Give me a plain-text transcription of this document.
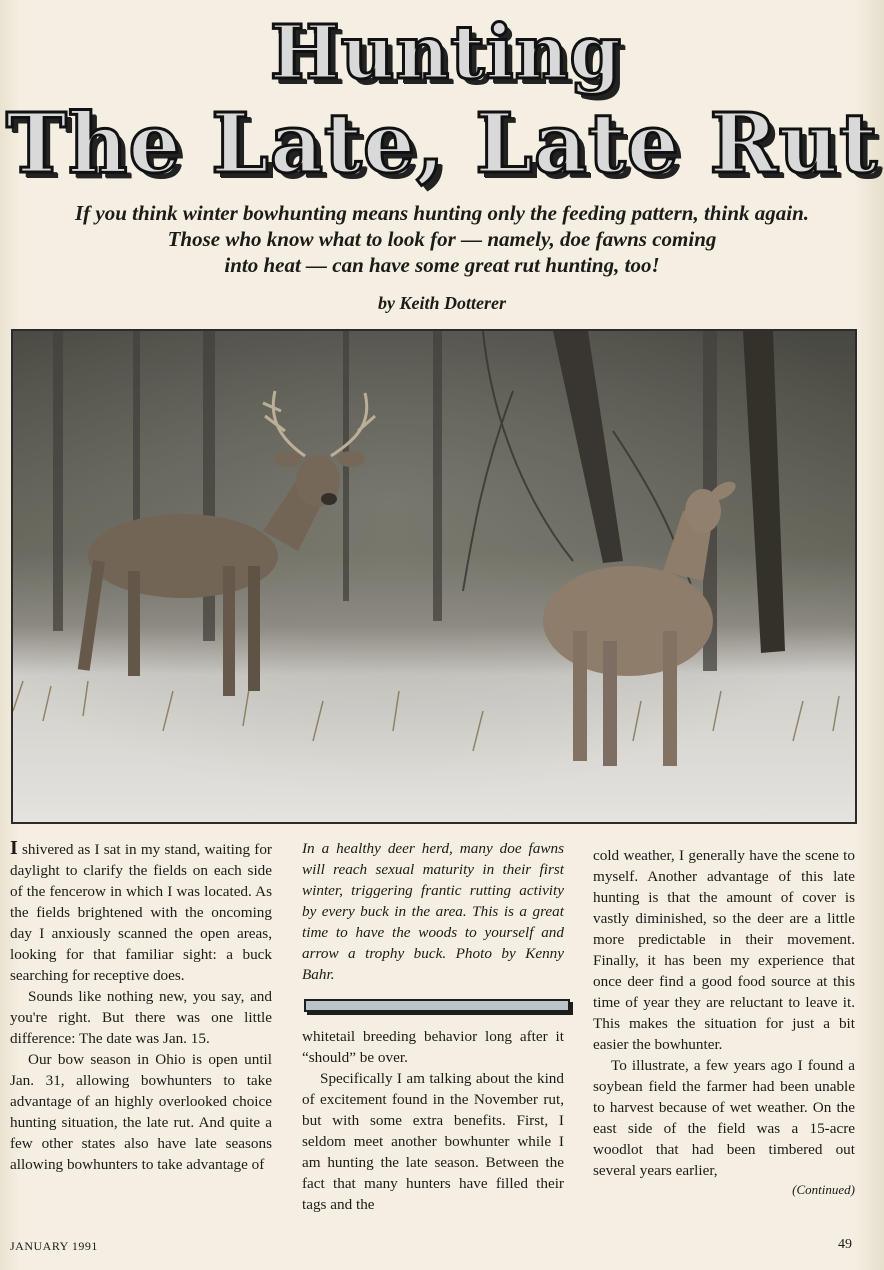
Hunting
The Late, Late Rut
If you think winter bowhunting means hunting only the feeding pattern, think again.
Those who know what to look for — namely, doe fawns coming
into heat — can have some great rut hunting, too!
by Keith Dotterer

I shivered as I sat in my stand, waiting for daylight to clarify the fields on each side of the fencerow in which I was located. As the fields brightened with the oncoming day I anxiously scanned the open areas, looking for that familiar sight: a buck searching for receptive does.

Sounds like nothing new, you say, and you're right. But there was one little difference: The date was Jan. 15.

Our bow season in Ohio is open until Jan. 31, allowing bowhunters to take advantage of an highly overlooked choice hunting situation, the late rut. And quite a few other states also have late seasons allowing bowhunters to take advantage of

In a healthy deer herd, many doe fawns will reach sexual maturity in their first winter, triggering frantic rutting activity by every buck in the area. This is a great time to have the woods to yourself and arrow a trophy buck. Photo by Kenny Bahr.

whitetail breeding behavior long after it “should” be over.

Specifically I am talking about the kind of excitement found in the November rut, but with some extra benefits. First, I seldom meet another bowhunter while I am hunting the late season. Between the fact that many hunters have filled their tags and the

cold weather, I generally have the scene to myself. Another advantage of this late hunting is that the amount of cover is vastly diminished, so the deer are a little more predictable in their movement. Finally, it has been my experience that once deer find a good food source at this time of year they are reluctant to leave it. This makes the situation for just a bit easier the bowhunter.

To illustrate, a few years ago I found a soybean field the farmer had been unable to harvest because of wet weather. On the east side of the field was a 15-acre woodlot that had been timbered out several years earlier,

(Continued)
JANUARY 1991	49
